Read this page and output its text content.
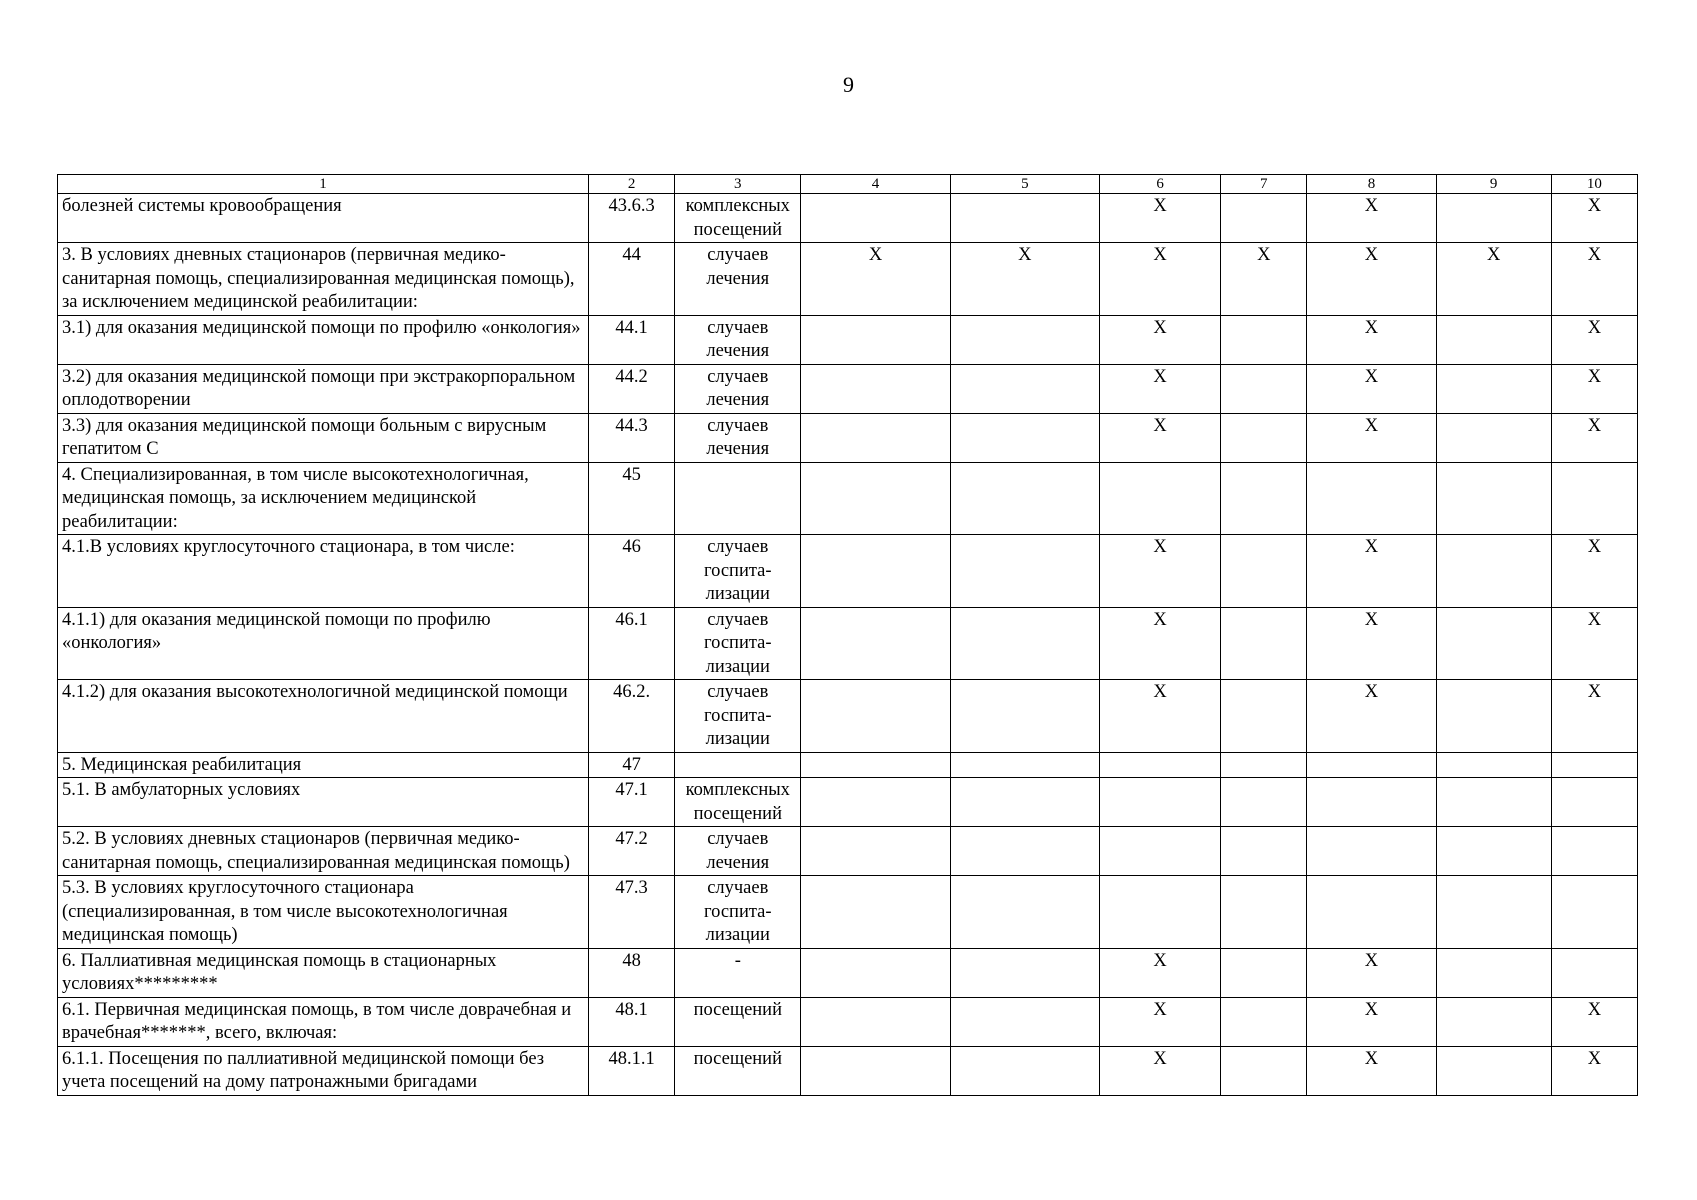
9
1	2	3	4	5	6	7	8	9	10
болезней системы кровообращения	43.6.3	комплексных посещений			X		X		X
3. В условиях дневных стационаров (первичная медико-санитарная помощь, специализированная медицинская помощь), за исключением медицинской реабилитации:	44	случаев лечения	X	X	X	X	X	X	X
3.1) для оказания медицинской помощи по профилю «онкология»	44.1	случаев лечения			X		X		X
3.2) для оказания медицинской помощи при экстракорпоральном оплодотворении	44.2	случаев лечения			X		X		X
3.3) для оказания медицинской помощи больным с вирусным гепатитом С	44.3	случаев лечения			X		X		X
4. Специализированная, в том числе высокотехнологичная, медицинская помощь, за исключением медицинской реабилитации:	45								
4.1.В условиях круглосуточного стационара, в том числе:	46	случаев госпита-лизации			X		X		X
4.1.1) для оказания медицинской помощи по профилю «онкология»	46.1	случаев госпита-лизации			X		X		X
4.1.2) для оказания высокотехнологичной медицинской помощи	46.2.	случаев госпита-лизации			X		X		X
5. Медицинская реабилитация	47								
5.1. В амбулаторных условиях	47.1	комплексных посещений							
5.2. В условиях дневных стационаров (первичная медико-санитарная помощь, специализированная медицинская помощь)	47.2	случаев лечения							
5.3. В условиях круглосуточного стационара (специализированная, в том числе высокотехнологичная медицинская помощь)	47.3	случаев госпита-лизации							
6. Паллиативная медицинская помощь в стационарных условиях*********	48	-			X		X		
6.1. Первичная медицинская помощь, в том числе доврачебная и врачебная*******, всего, включая:	48.1	посещений			X		X		X
6.1.1. Посещения по паллиативной медицинской помощи без учета посещений на дому патронажными бригадами	48.1.1	посещений			X		X		X
